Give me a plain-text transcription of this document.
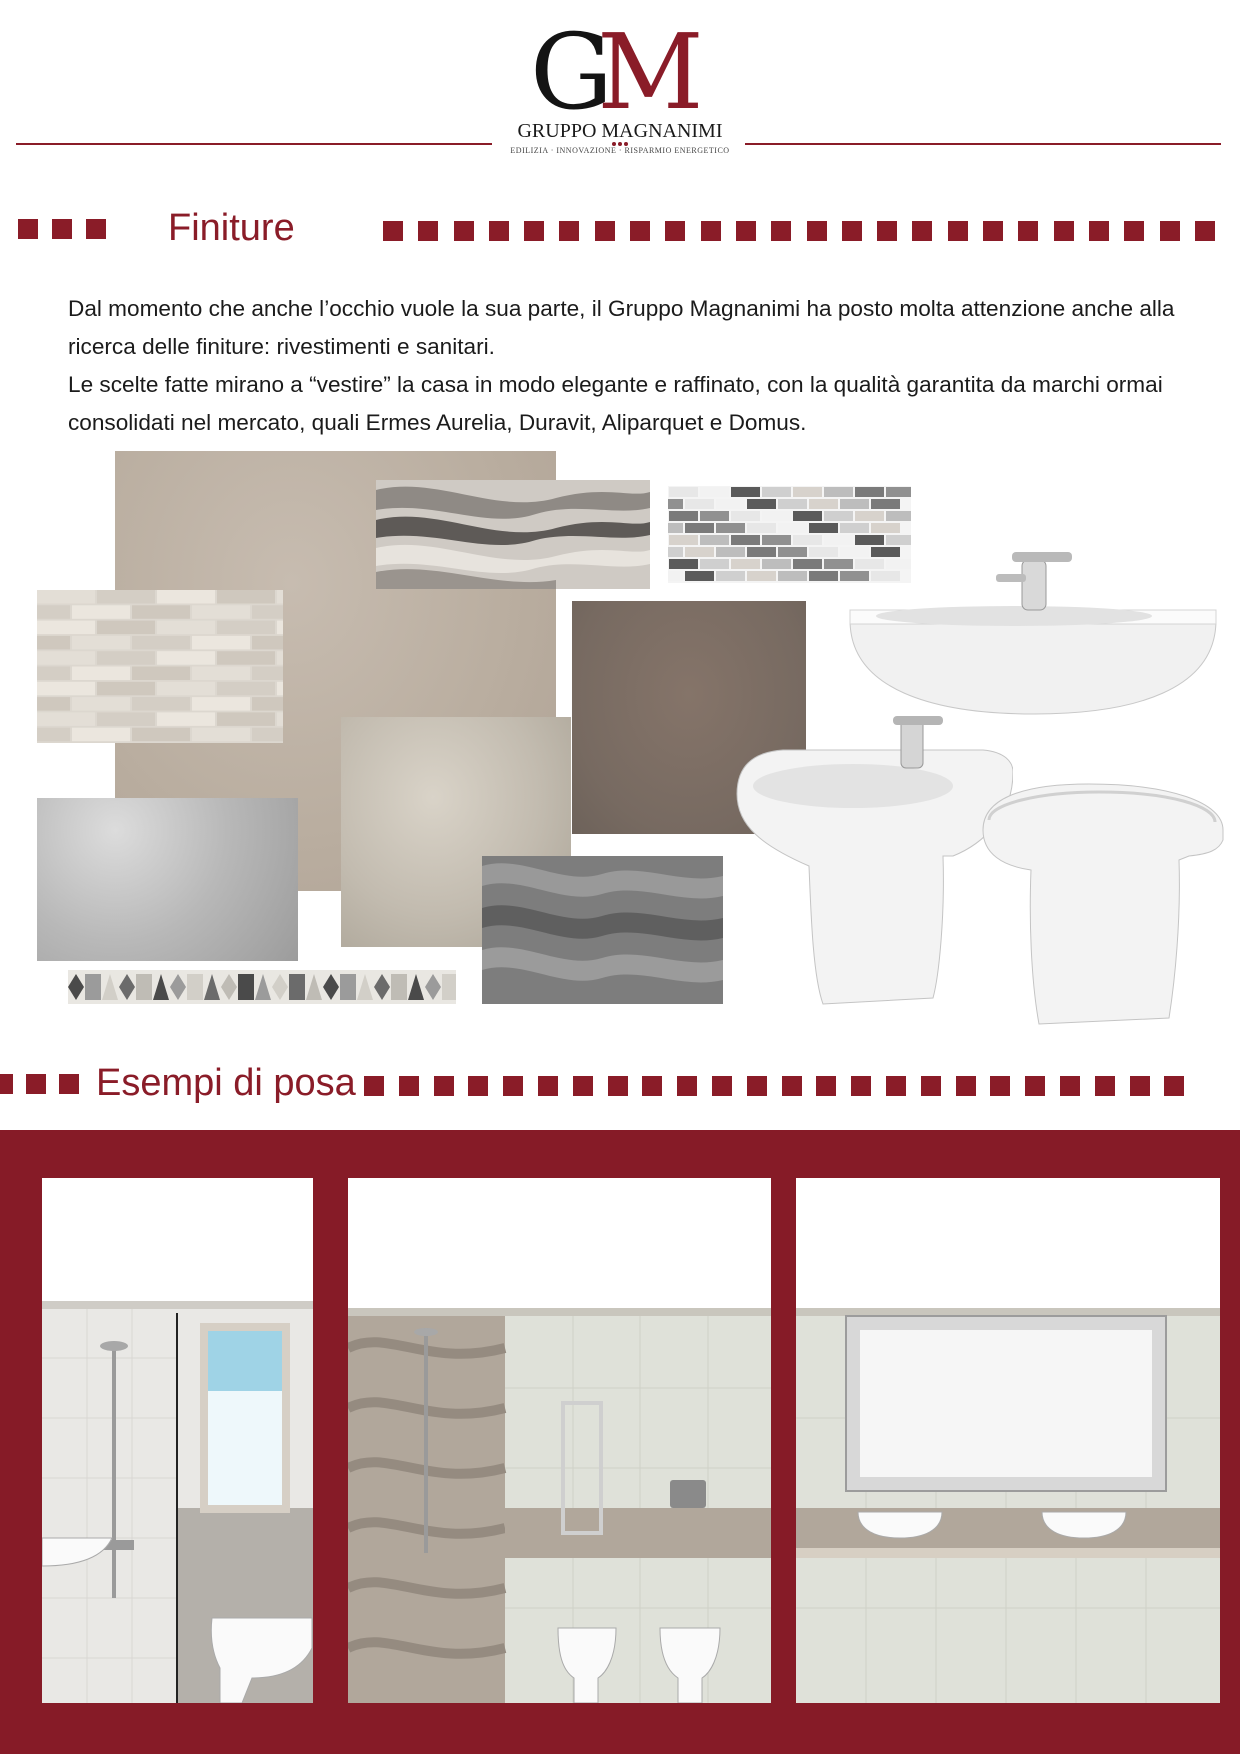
GM
GRUPPO MAGNANIMI
EDILIZIA · INNOVAZIONE · RISPARMIO ENERGETICO
Finiture

Dal momento che anche l’occhio vuole la sua parte, il Gruppo Magnanimi ha posto molta attenzione anche alla ricerca delle finiture: rivestimenti e sanitari.

Le scelte fatte mirano a “vestire” la casa in modo elegante e raffinato, con la qualità garantita da marchi ormai consolidati nel mercato, quali Ermes Aurelia, Duravit, Aliparquet e Domus.

Esempi di posa
